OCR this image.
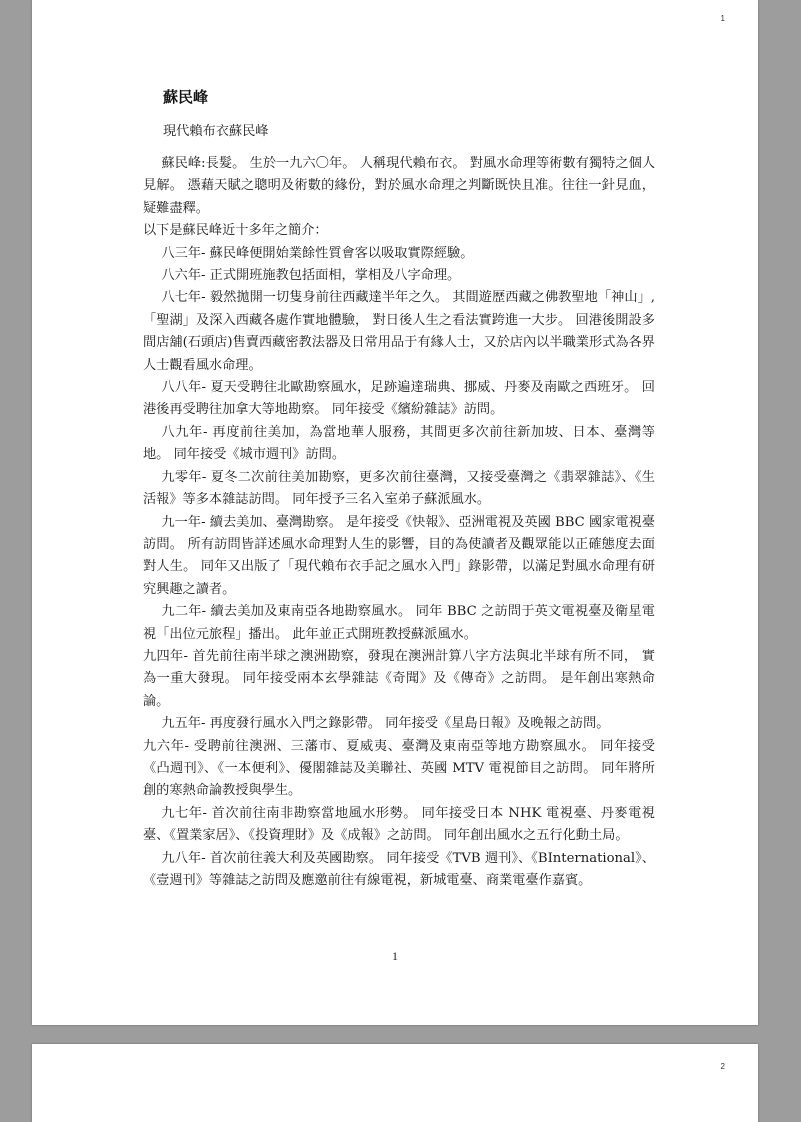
1
蘇民峰

現代賴布衣蘇民峰

蘇民峰:長髮。 生於一九六〇年。 人稱現代賴布衣。 對風水命理等術數有獨特之個人見解。 憑藉天賦之聰明及術數的緣份，對於風水命理之判斷既快且准。往往一針見血，疑難盡釋。

以下是蘇民峰近十多年之簡介：

八三年- 蘇民峰便開始業餘性質會客以吸取實際經驗。

八六年- 正式開班施教包括面相，掌相及八字命理。

八七年- 毅然拋開一切隻身前往西藏達半年之久。 其間遊歷西藏之佛教聖地「神山」,「聖湖」及深入西藏各處作實地體驗， 對日後人生之看法實跨進一大步。 回港後開設多間店舖(石頭店)售賣西藏密教法器及日常用品于有緣人士，又於店內以半職業形式為各界人士觀看風水命理。

八八年- 夏天受聘往北歐勘察風水，足跡遍達瑞典、挪威、丹麥及南歐之西班牙。 回港後再受聘往加拿大等地勘察。 同年接受《繽紛雜誌》訪問。

八九年- 再度前往美加，為當地華人服務，其間更多次前往新加坡、日本、臺灣等地。 同年接受《城市週刊》訪問。

九零年- 夏冬二次前往美加勘察，更多次前往臺灣，又接受臺灣之《翡翠雜誌》、《生活報》等多本雜誌訪問。 同年授予三名入室弟子蘇派風水。

九一年- 續去美加、臺灣勘察。 是年接受《快報》、亞洲電視及英國 BBC 國家電視臺訪問。 所有訪問皆詳述風水命理對人生的影響，目的為使讀者及觀眾能以正確態度去面對人生。 同年又出版了「現代賴布衣手記之風水入門」錄影帶，以滿足對風水命理有研究興趣之讀者。

九二年- 續去美加及東南亞各地勘察風水。 同年 BBC 之訪問于英文電視臺及衛星電視「出位元旅程」播出。 此年並正式開班教授蘇派風水。

九四年- 首先前往南半球之澳洲勘察，發現在澳洲計算八字方法與北半球有所不同， 實為一重大發現。 同年接受兩本玄學雜誌《奇聞》及《傳奇》之訪問。 是年創出寒熱命論。

九五年- 再度發行風水入門之錄影帶。 同年接受《星島日報》及晚報之訪問。

九六年- 受聘前往澳洲、三藩市、夏威夷、臺灣及東南亞等地方勘察風水。 同年接受《凸週刊》、《一本便利》、優閣雜誌及美聯社、英國 MTV 電視節目之訪問。 同年將所創的寒熱命論教授與學生。

九七年- 首次前往南非勘察當地風水形勢。 同年接受日本 NHK 電視臺、丹麥電視臺、《置業家居》、《投資理財》及《成報》之訪問。 同年創出風水之五行化動土局。

九八年- 首次前往義大利及英國勘察。 同年接受《TVB 週刊》、《BInternational》、 《壹週刊》等雜誌之訪問及應邀前往有線電視，新城電臺、商業電臺作嘉賓。

1
2
